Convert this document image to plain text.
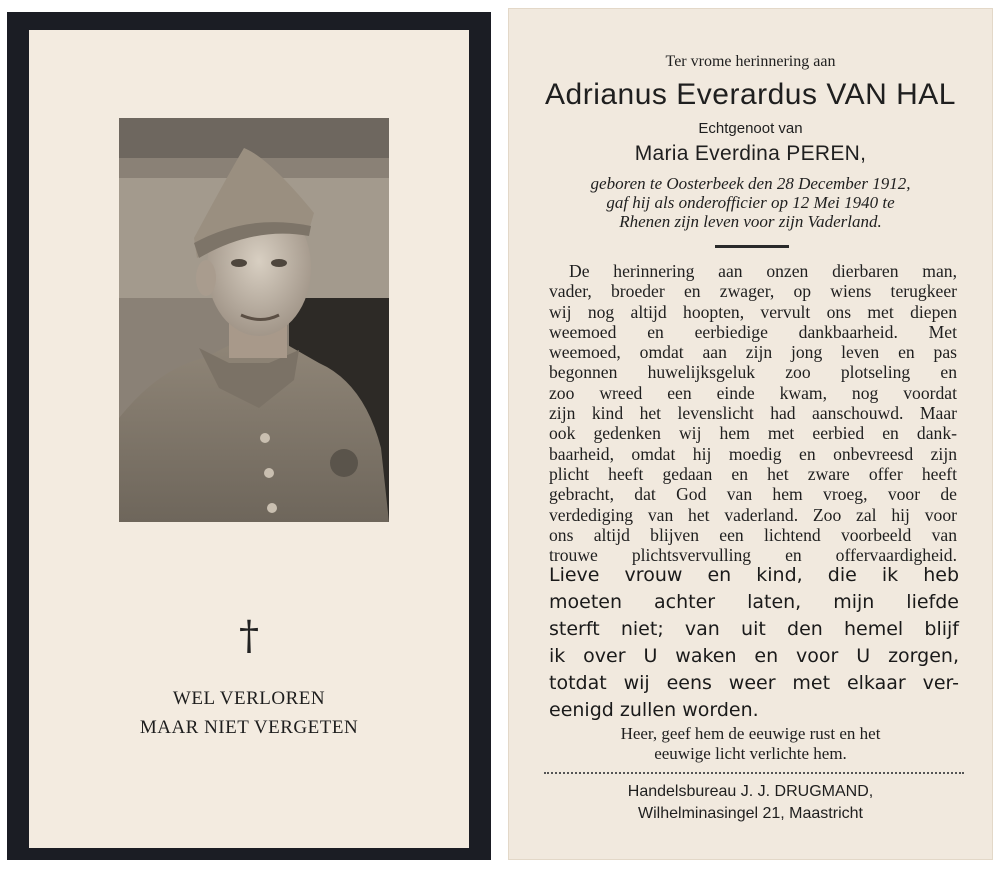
†
WEL VERLOREN
MAAR NIET VERGETEN
Ter vrome herinnering aan
Adrianus Everardus VAN HAL
Echtgenoot van
Maria Everdina PEREN,
geboren te Oosterbeek den 28 December 1912,
gaf hij als onderofficier op 12 Mei 1940 te
Rhenen zijn leven voor zijn Vaderland.
De herinnering aan onzen dierbaren man,
vader, broeder en zwager, op wiens terugkeer
wij nog altijd hoopten, vervult ons met diepen
weemoed en eerbiedige dankbaarheid. Met
weemoed, omdat aan zijn jong leven en pas
begonnen huwelijksgeluk zoo plotseling en
zoo wreed een einde kwam, nog voordat
zijn kind het levenslicht had aanschouwd. Maar
ook gedenken wij hem met eerbied en dank-
baarheid, omdat hij moedig en onbevreesd zijn
plicht heeft gedaan en het zware offer heeft
gebracht, dat God van hem vroeg, voor de
verdediging van het vaderland. Zoo zal hij voor
ons altijd blijven een lichtend voorbeeld van
trouwe plichtsvervulling en offervaardigheid.
Lieve vrouw en kind, die ik heb
moeten achter laten, mijn liefde
sterft niet; van uit den hemel blijf
ik over U waken en voor U zorgen,
totdat wij eens weer met elkaar ver-
eenigd zullen worden.
Heer, geef hem de eeuwige rust en het
eeuwige licht verlichte hem.
Handelsbureau J. J. DRUGMAND,
Wilhelminasingel 21, Maastricht
